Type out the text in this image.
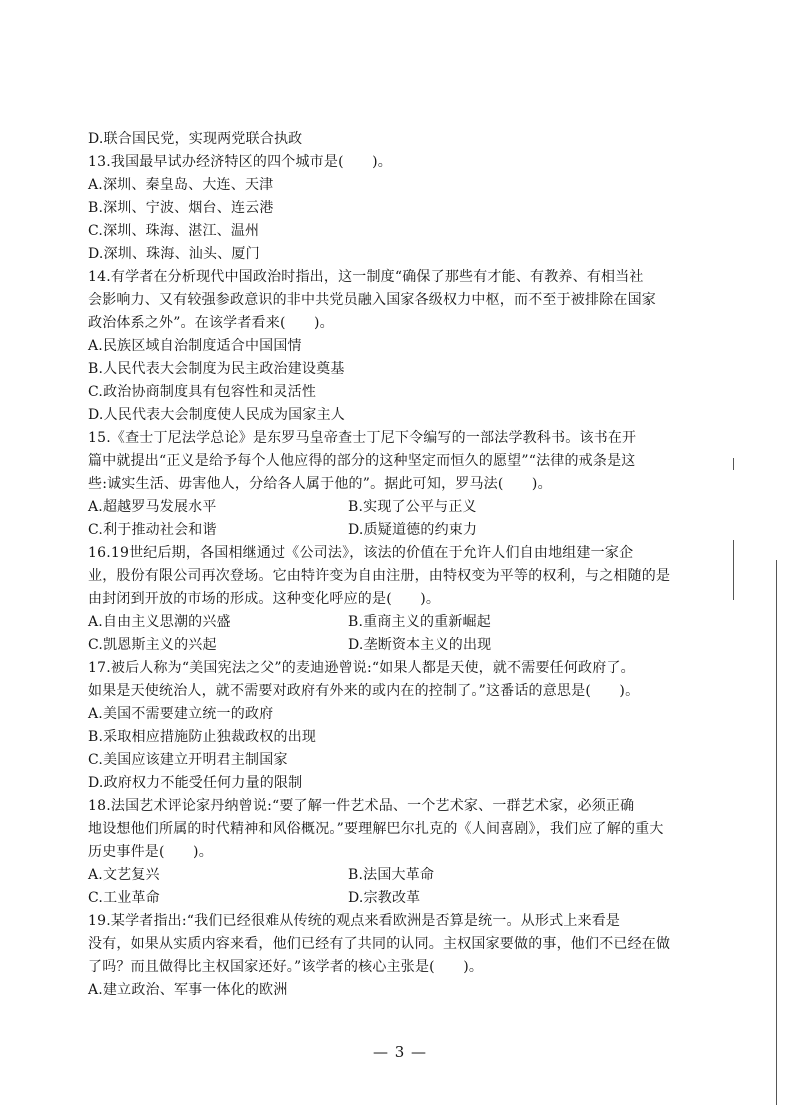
D.联合国民党，实现两党联合执政
13.我国最早试办经济特区的四个城市是(　　)。
A.深圳、秦皇岛、大连、天津
B.深圳、宁波、烟台、连云港
C.深圳、珠海、湛江、温州
D.深圳、珠海、汕头、厦门
14.有学者在分析现代中国政治时指出，这一制度“确保了那些有才能、有教养、有相当社
会影响力、又有较强参政意识的非中共党员融入国家各级权力中枢，而不至于被排除在国家
政治体系之外”。在该学者看来(　　)。
A.民族区域自治制度适合中国国情
B.人民代表大会制度为民主政治建设奠基
C.政治协商制度具有包容性和灵活性
D.人民代表大会制度使人民成为国家主人
15.《查士丁尼法学总论》是东罗马皇帝查士丁尼下令编写的一部法学教科书。该书在开
篇中就提出“正义是给予每个人他应得的部分的这种坚定而恒久的愿望”“法律的戒条是这
些:诚实生活、毋害他人，分给各人属于他的”。据此可知，罗马法(　　)。
A.超越罗马发展水平	B.实现了公平与正义
C.利于推动社会和谐	D.质疑道德的约束力
16.19世纪后期，各国相继通过《公司法》，该法的价值在于允许人们自由地组建一家企
业，股份有限公司再次登场。它由特许变为自由注册，由特权变为平等的权利，与之相随的是
由封闭到开放的市场的形成。这种变化呼应的是(　　)。
A.自由主义思潮的兴盛	B.重商主义的重新崛起
C.凯恩斯主义的兴起	D.垄断资本主义的出现
17.被后人称为“美国宪法之父”的麦迪逊曾说:“如果人都是天使，就不需要任何政府了。
如果是天使统治人，就不需要对政府有外来的或内在的控制了。”这番话的意思是(　　)。
A.美国不需要建立统一的政府
B.采取相应措施防止独裁政权的出现
C.美国应该建立开明君主制国家
D.政府权力不能受任何力量的限制
18.法国艺术评论家丹纳曾说:“要了解一件艺术品、一个艺术家、一群艺术家，必须正确
地设想他们所属的时代精神和风俗概况。”要理解巴尔扎克的《人间喜剧》，我们应了解的重大
历史事件是(　　)。
A.文艺复兴	B.法国大革命
C.工业革命	D.宗教改革
19.某学者指出:“我们已经很难从传统的观点来看欧洲是否算是统一。从形式上来看是
没有，如果从实质内容来看，他们已经有了共同的认同。主权国家要做的事，他们不已经在做
了吗？而且做得比主权国家还好。”该学者的核心主张是(　　)。
A.建立政治、军事一体化的欧洲
— 3 —
